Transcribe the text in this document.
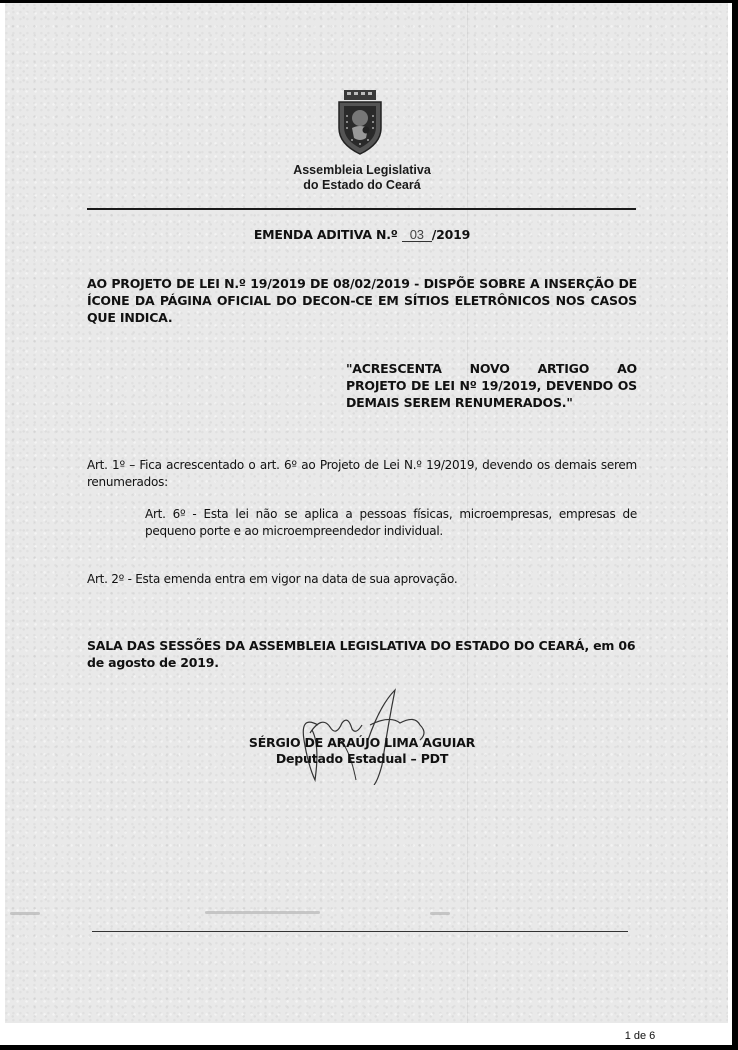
Assembleia Legislativa
do Estado do Ceará
EMENDA ADITIVA N.º 03 /2019
AO PROJETO DE LEI N.º 19/2019 DE 08/02/2019 - DISPÕE SOBRE A INSERÇÃO DE ÍCONE DA PÁGINA OFICIAL DO DECON-CE EM SÍTIOS ELETRÔNICOS NOS CASOS QUE INDICA.
"ACRESCENTA NOVO ARTIGO AO
PROJETO DE LEI Nº 19/2019, DEVENDO OS DEMAIS SEREM RENUMERADOS."
Art. 1º – Fica acrescentado o art. 6º ao Projeto de Lei N.º 19/2019, devendo os demais serem renumerados:
Art. 6º - Esta lei não se aplica a pessoas físicas, microempresas, empresas de pequeno porte e ao microempreendedor individual.
Art. 2º - Esta emenda entra em vigor na data de sua aprovação.
SALA DAS SESSÕES DA ASSEMBLEIA LEGISLATIVA DO ESTADO DO CEARÁ, em 06 de agosto de 2019.
SÉRGIO DE ARAÚJO LIMA AGUIAR
Deputado Estadual – PDT
1 de 6
